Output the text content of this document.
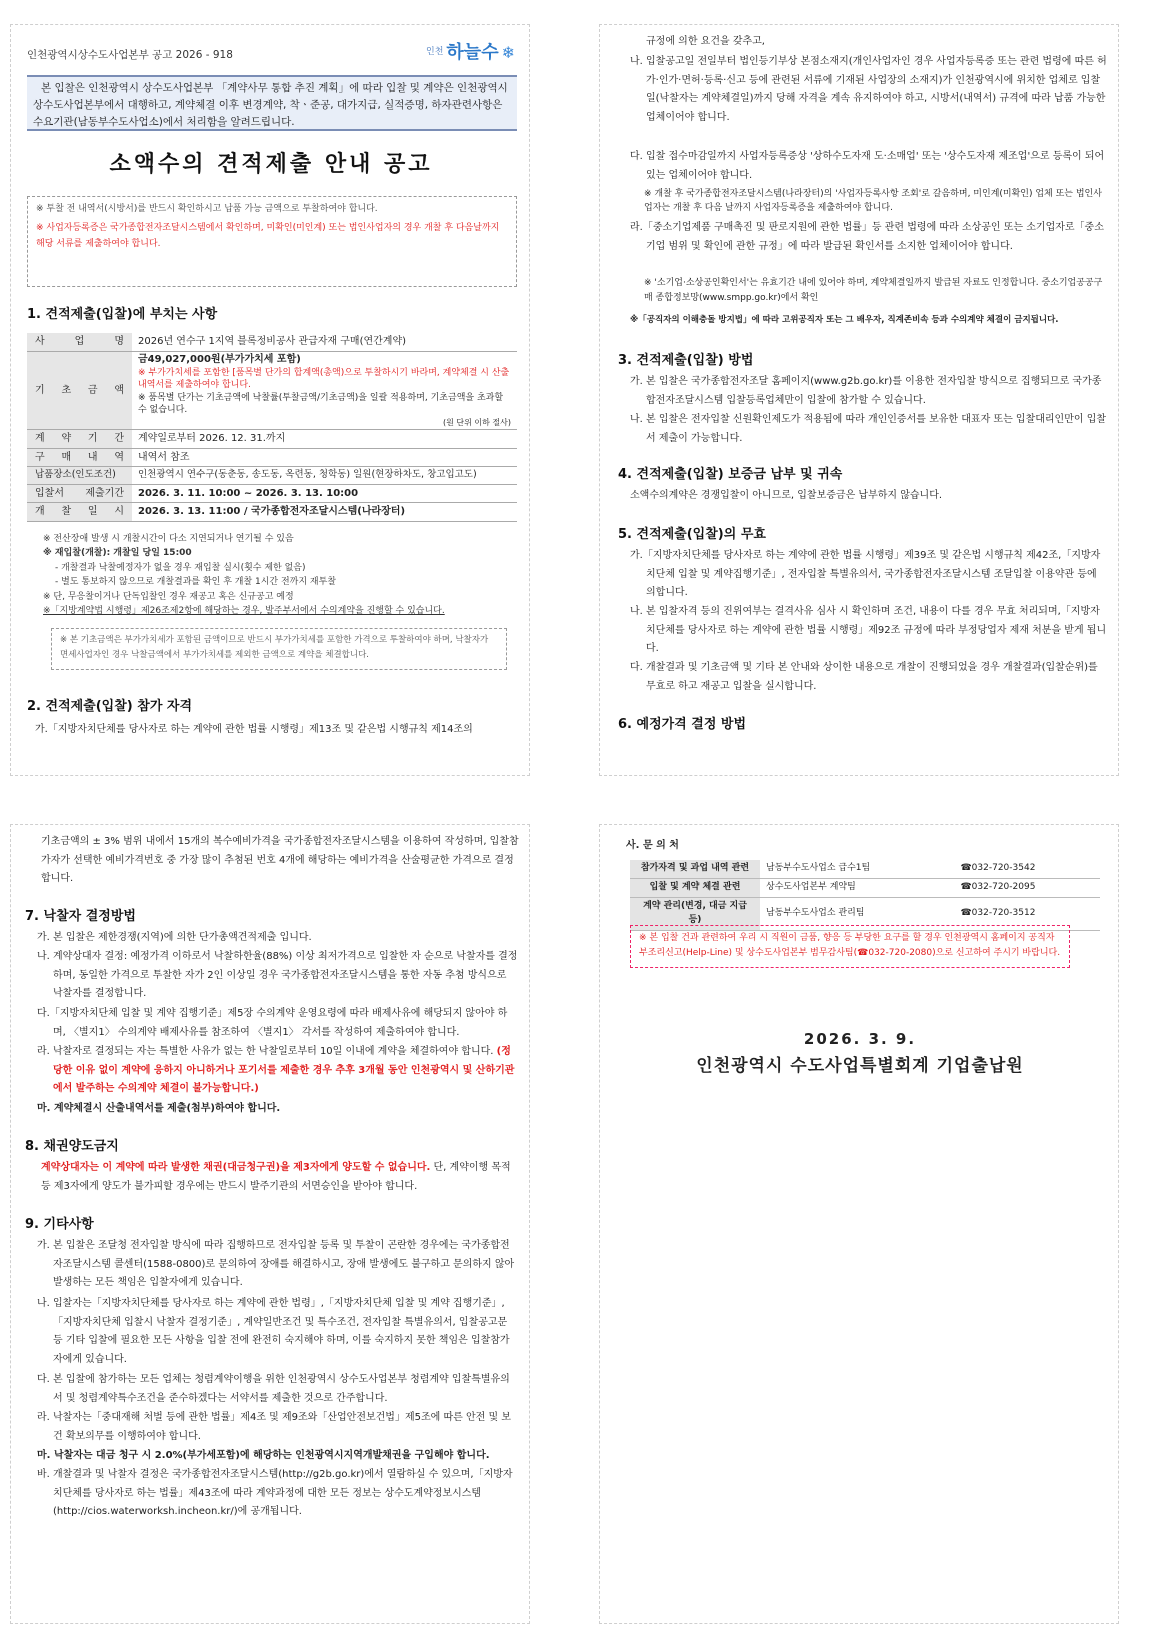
인천광역시상수도사업본부 공고 2026 - 918	인천 하늘수 ❄
본 입찰은 인천광역시 상수도사업본부 「계약사무 통합 추진 계획」에 따라 입찰 및 계약은 인천광역시 상수도사업본부에서 대행하고, 계약체결 이후 변경계약, 착ㆍ준공, 대가지급, 실적증명, 하자관련사항은 수요기관(남동부수도사업소)에서 처리함을 알려드립니다.
소액수의 견적제출 안내 공고

※ 투찰 전 내역서(시방서)를 반드시 확인하시고 납품 가능 금액으로 투찰하여야 합니다.

※ 사업자등록증은 국가종합전자조달시스템에서 확인하며, 미확인(미인계) 또는 법인사업자의 경우 개찰 후 다음날까지 해당 서류를 제출하여야 합니다.

1. 견적제출(입찰)에 부치는 사항
사 업 명	2026년 연수구 1지역 블록정비공사 관급자재 구매(연간계약)
기 초 금 액	금49,027,000원(부가가치세 포함)
※ 부가가치세를 포함한 [품목별 단가의 합계액(총액)으로 투찰하시기 바라며, 계약체결 시 산출내역서를 제출하여야 합니다.
※ 품목별 단가는 기초금액에 낙찰률(투찰금액/기초금액)을 일괄 적용하며, 기초금액을 초과할 수 없습니다.
(원 단위 이하 절사)

계 약 기 간	계약일로부터 2026. 12. 31.까지
구 매 내 역	내역서 참조
납품장소(인도조건)	인천광역시 연수구(동춘동, 송도동, 옥련동, 청학동) 일원(현장하차도, 창고입고도)
입찰서 제출기간	2026. 3. 11. 10:00 ~ 2026. 3. 13. 10:00
개 찰 일 시	2026. 3. 13. 11:00 / 국가종합전자조달시스템(나라장터)
※ 전산장애 발생 시 개찰시간이 다소 지연되거나 연기될 수 있음
※ 재입찰(개찰): 개찰일 당일 15:00
- 개찰결과 낙찰예정자가 없을 경우 재입찰 실시(횟수 제한 없음)
- 별도 통보하지 않으므로 개찰결과를 확인 후 개찰 1시간 전까지 재투찰
※ 단, 무응찰이거나 단독입찰인 경우 재공고 혹은 신규공고 예정
※「지방계약법 시행령」제26조제2항에 해당하는 경우, 발주부서에서 수의계약을 진행할 수 있습니다.
※ 본 기초금액은 부가가치세가 포함된 금액이므로 반드시 부가가치세를 포함한 가격으로 투찰하여야 하며, 낙찰자가 면세사업자인 경우 낙찰금액에서 부가가치세를 제외한 금액으로 계약을 체결합니다.
2. 견적제출(입찰) 참가 자격
가.「지방자치단체를 당사자로 하는 계약에 관한 법률 시행령」제13조 및 같은법 시행규칙 제14조의
규정에 의한 요건을 갖추고,
나. 입찰공고일 전일부터 법인등기부상 본점소재지(개인사업자인 경우 사업자등록증 또는 관련 법령에 따른 허가·인가·면허·등록·신고 등에 관련된 서류에 기재된 사업장의 소재지)가 인천광역시에 위치한 업체로 입찰일(낙찰자는 계약체결일)까지 당해 자격을 계속 유지하여야 하고, 시방서(내역서) 규격에 따라 납품 가능한 업체이어야 합니다.
다. 입찰 접수마감일까지 사업자등록증상 '상하수도자재 도·소매업' 또는 '상수도자재 제조업'으로 등록이 되어있는 업체이어야 합니다.
※ 개찰 후 국가종합전자조달시스템(나라장터)의 '사업자등록사항 조회'로 갈음하며, 미인계(미확인) 업체 또는 법인사업자는 개찰 후 다음 날까지 사업자등록증을 제출하여야 합니다.
라.「중소기업제품 구매촉진 및 판로지원에 관한 법률」등 관련 법령에 따라 소상공인 또는 소기업자로「중소기업 범위 및 확인에 관한 규정」에 따라 발급된 확인서를 소지한 업체이어야 합니다.
※ '소기업·소상공인확인서'는 유효기간 내에 있어야 하며, 계약체결일까지 발급된 자료도 인정합니다. 중소기업공공구매 종합정보망(www.smpp.go.kr)에서 확인
※「공직자의 이해충돌 방지법」에 따라 고위공직자 또는 그 배우자, 직계존비속 등과 수의계약 체결이 금지됩니다.
3. 견적제출(입찰) 방법
가. 본 입찰은 국가종합전자조달 홈페이지(www.g2b.go.kr)를 이용한 전자입찰 방식으로 집행되므로 국가종합전자조달시스템 입찰등록업체만이 입찰에 참가할 수 있습니다.
나. 본 입찰은 전자입찰 신원확인제도가 적용됨에 따라 개인인증서를 보유한 대표자 또는 입찰대리인만이 입찰서 제출이 가능합니다.
4. 견적제출(입찰) 보증금 납부 및 귀속
소액수의계약은 경쟁입찰이 아니므로, 입찰보증금은 납부하지 않습니다.
5. 견적제출(입찰)의 무효
가.「지방자치단체를 당사자로 하는 계약에 관한 법률 시행령」제39조 및 같은법 시행규칙 제42조,「지방자치단체 입찰 및 계약집행기준」, 전자입찰 특별유의서, 국가종합전자조달시스템 조달입찰 이용약관 등에 의합니다.
나. 본 입찰자격 등의 진위여부는 결격사유 심사 시 확인하며 조건, 내용이 다를 경우 무효 처리되며,「지방자치단체를 당사자로 하는 계약에 관한 법률 시행령」제92조 규정에 따라 부정당업자 제재 처분을 받게 됩니다.
다. 개찰결과 및 기초금액 및 기타 본 안내와 상이한 내용으로 개찰이 진행되었을 경우 개찰결과(입찰순위)를 무효로 하고 재공고 입찰을 실시합니다.
6. 예정가격 결정 방법
기초금액의 ± 3% 범위 내에서 15개의 복수예비가격을 국가종합전자조달시스템을 이용하여 작성하며, 입찰참가자가 선택한 예비가격번호 중 가장 많이 추첨된 번호 4개에 해당하는 예비가격을 산술평균한 가격으로 결정합니다.
7. 낙찰자 결정방법
가. 본 입찰은 제한경쟁(지역)에 의한 단가총액견적제출 입니다.
나. 계약상대자 결정: 예정가격 이하로서 낙찰하한율(88%) 이상 최저가격으로 입찰한 자 순으로 낙찰자를 결정하며, 동일한 가격으로 투찰한 자가 2인 이상일 경우 국가종합전자조달시스템을 통한 자동 추첨 방식으로 낙찰자를 결정합니다.
다.「지방자치단체 입찰 및 계약 집행기준」제5장 수의계약 운영요령에 따라 배제사유에 해당되지 않아야 하며, 〈별지1〉 수의계약 배제사유를 참조하여 〈별지1〉 각서를 작성하여 제출하여야 합니다.
라. 낙찰자로 결정되는 자는 특별한 사유가 없는 한 낙찰일로부터 10일 이내에 계약을 체결하여야 합니다. (정당한 이유 없이 계약에 응하지 아니하거나 포기서를 제출한 경우 추후 3개월 동안 인천광역시 및 산하기관에서 발주하는 수의계약 체결이 불가능합니다.)
마. 계약체결시 산출내역서를 제출(첨부)하여야 합니다.
8. 채권양도금지
계약상대자는 이 계약에 따라 발생한 채권(대금청구권)을 제3자에게 양도할 수 없습니다. 단, 계약이행 목적 등 제3자에게 양도가 불가피할 경우에는 반드시 발주기관의 서면승인을 받아야 합니다.
9. 기타사항
가. 본 입찰은 조달청 전자입찰 방식에 따라 집행하므로 전자입찰 등록 및 투찰이 곤란한 경우에는 국가종합전자조달시스템 콜센터(1588-0800)로 문의하여 장애를 해결하시고, 장애 발생에도 불구하고 문의하지 않아 발생하는 모든 책임은 입찰자에게 있습니다.
나. 입찰자는「지방자치단체를 당사자로 하는 계약에 관한 법령」,「지방자치단체 입찰 및 계약 집행기준」,「지방자치단체 입찰시 낙찰자 결정기준」, 계약일반조건 및 특수조건, 전자입찰 특별유의서, 입찰공고문 등 기타 입찰에 필요한 모든 사항을 입찰 전에 완전히 숙지해야 하며, 이를 숙지하지 못한 책임은 입찰참가자에게 있습니다.
다. 본 입찰에 참가하는 모든 업체는 청렴계약이행을 위한 인천광역시 상수도사업본부 청렴계약 입찰특별유의서 및 청렴계약특수조건을 준수하겠다는 서약서를 제출한 것으로 간주합니다.
라. 낙찰자는「중대재해 처벌 등에 관한 법률」제4조 및 제9조와「산업안전보건법」제5조에 따른 안전 및 보건 확보의무를 이행하여야 합니다.
마. 낙찰자는 대금 청구 시 2.0%(부가세포함)에 해당하는 인천광역시지역개발채권을 구입해야 합니다.
바. 개찰결과 및 낙찰자 결정은 국가종합전자조달시스템(http://g2b.go.kr)에서 열람하실 수 있으며,「지방자치단체를 당사자로 하는 법률」제43조에 따라 계약과정에 대한 모든 정보는 상수도계약정보시스템(http://cios.waterworksh.incheon.kr/)에 공개됩니다.
사. 문 의 처
참가자격 및 과업 내역 관련	남동부수도사업소 급수1팀	☎032-720-3542
입찰 및 계약 체결 관련	상수도사업본부 계약팀	☎032-720-2095
계약 관리(변경, 대금 지급 등)	남동부수도사업소 관리팀	☎032-720-3512
※ 본 입찰 건과 관련하여 우리 시 직원이 금품, 향응 등 부당한 요구를 할 경우 인천광역시 홈페이지 공직자부조리신고(Help-Line) 및 상수도사업본부 범무감사팀(☎032-720-2080)으로 신고하여 주시기 바랍니다.
2026. 3. 9.
인천광역시 수도사업특별회계 기업출납원
